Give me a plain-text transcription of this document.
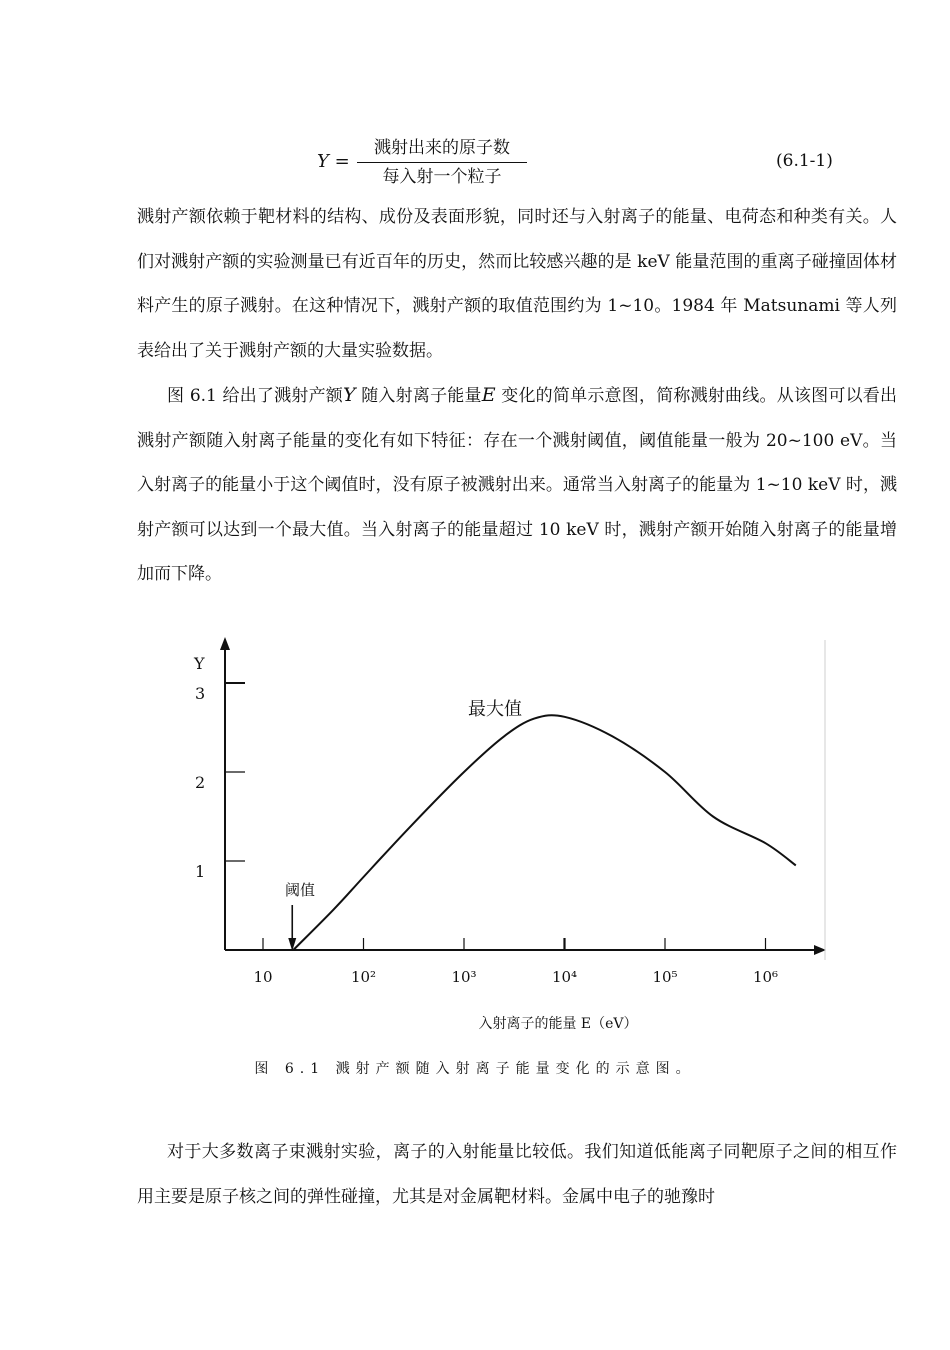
Y =
溅射出来的原子数
每入射一个粒子
(6.1-1)

溅射产额依赖于靶材料的结构、成份及表面形貌，同时还与入射离子的能量、电荷态和种类有关。人们对溅射产额的实验测量已有近百年的历史，然而比较感兴趣的是 keV 能量范围的重离子碰撞固体材料产生的原子溅射。在这种情况下，溅射产额的取值范围约为 1~10。1984 年 Matsunami 等人列表给出了关于溅射产额的大量实验数据。

图 6.1 给出了溅射产额Y 随入射离子能量E 变化的简单示意图，简称溅射曲线。从该图可以看出溅射产额随入射离子能量的变化有如下特征：存在一个溅射阈值，阈值能量一般为 20~100 eV。当入射离子的能量小于这个阈值时，没有原子被溅射出来。通常当入射离子的能量为 1~10 keV 时，溅射产额可以达到一个最大值。当入射离子的能量超过 10 keV 时，溅射产额开始随入射离子的能量增加而下降。

Y
1
2
3
10	10²	10³	10⁴	10⁵	10⁶
入射离子的能量 E（eV）
最大值
阈值
图 6.1 溅射产额随入射离子能量变化的示意图。

对于大多数离子束溅射实验，离子的入射能量比较低。我们知道低能离子同靶原子之间的相互作用主要是原子核之间的弹性碰撞，尤其是对金属靶材料。金属中电子的驰豫时
